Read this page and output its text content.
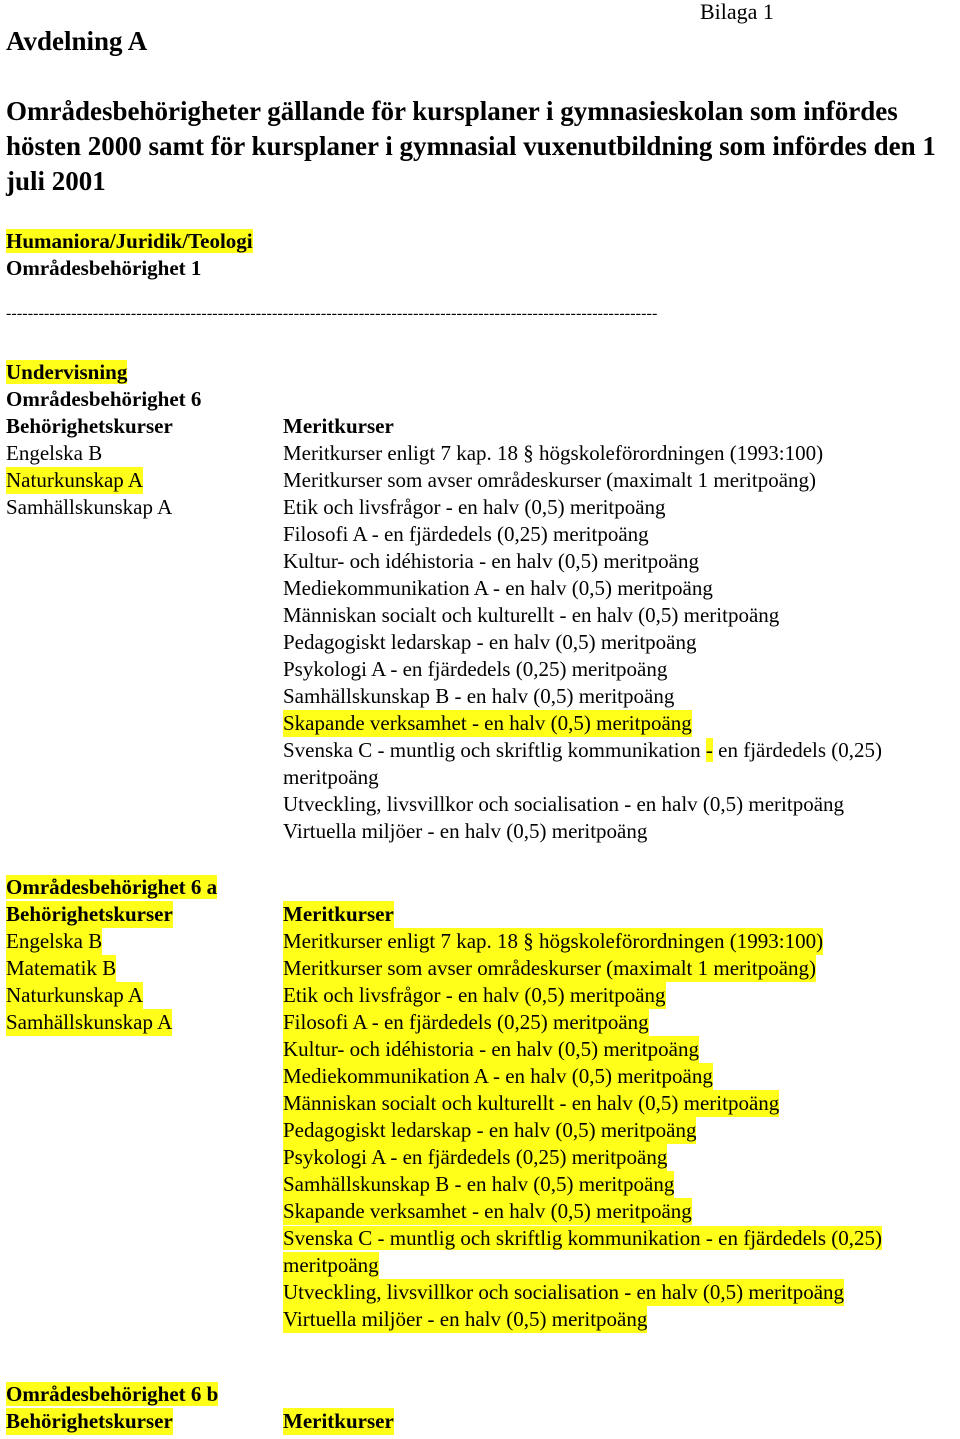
Bilaga 1
Avdelning A
Områdesbehörigheter gällande för kursplaner i gymnasieskolan som infördes hösten 2000 samt för kursplaner i gymnasial vuxenutbildning som infördes den 1 juli 2001
Humaniora/Juridik/Teologi
Områdesbehörighet 1
------------------------------------------------------------------------------------------------------------------------
Undervisning
Områdesbehörighet 6
Behörighetskurser	Meritkurser
Engelska B	Meritkurser enligt 7 kap. 18 § högskoleförordningen (1993:100)
Naturkunskap A	Meritkurser som avser områdeskurser (maximalt 1 meritpoäng)
Samhällskunskap A	Etik och livsfrågor - en halv (0,5) meritpoäng
Filosofi A - en fjärdedels (0,25) meritpoäng
Kultur- och idéhistoria - en halv (0,5) meritpoäng
Mediekommunikation A - en halv (0,5) meritpoäng
Människan socialt och kulturellt - en halv (0,5) meritpoäng
Pedagogiskt ledarskap - en halv (0,5) meritpoäng
Psykologi A - en fjärdedels (0,25) meritpoäng
Samhällskunskap B - en halv (0,5) meritpoäng
Skapande verksamhet - en halv (0,5) meritpoäng
Svenska C - muntlig och skriftlig kommunikation - en fjärdedels (0,25)
meritpoäng
Utveckling, livsvillkor och socialisation - en halv (0,5) meritpoäng
Virtuella miljöer - en halv (0,5) meritpoäng
Områdesbehörighet 6 a
Behörighetskurser	Meritkurser
Engelska B	Meritkurser enligt 7 kap. 18 § högskoleförordningen (1993:100)
Matematik B	Meritkurser som avser områdeskurser (maximalt 1 meritpoäng)
Naturkunskap A	Etik och livsfrågor - en halv (0,5) meritpoäng
Samhällskunskap A	Filosofi A - en fjärdedels (0,25) meritpoäng
Kultur- och idéhistoria - en halv (0,5) meritpoäng
Mediekommunikation A - en halv (0,5) meritpoäng
Människan socialt och kulturellt - en halv (0,5) meritpoäng
Pedagogiskt ledarskap - en halv (0,5) meritpoäng
Psykologi A - en fjärdedels (0,25) meritpoäng
Samhällskunskap B - en halv (0,5) meritpoäng
Skapande verksamhet - en halv (0,5) meritpoäng
Svenska C - muntlig och skriftlig kommunikation - en fjärdedels (0,25)
meritpoäng
Utveckling, livsvillkor och socialisation - en halv (0,5) meritpoäng
Virtuella miljöer - en halv (0,5) meritpoäng
Områdesbehörighet 6 b
Behörighetskurser	Meritkurser
